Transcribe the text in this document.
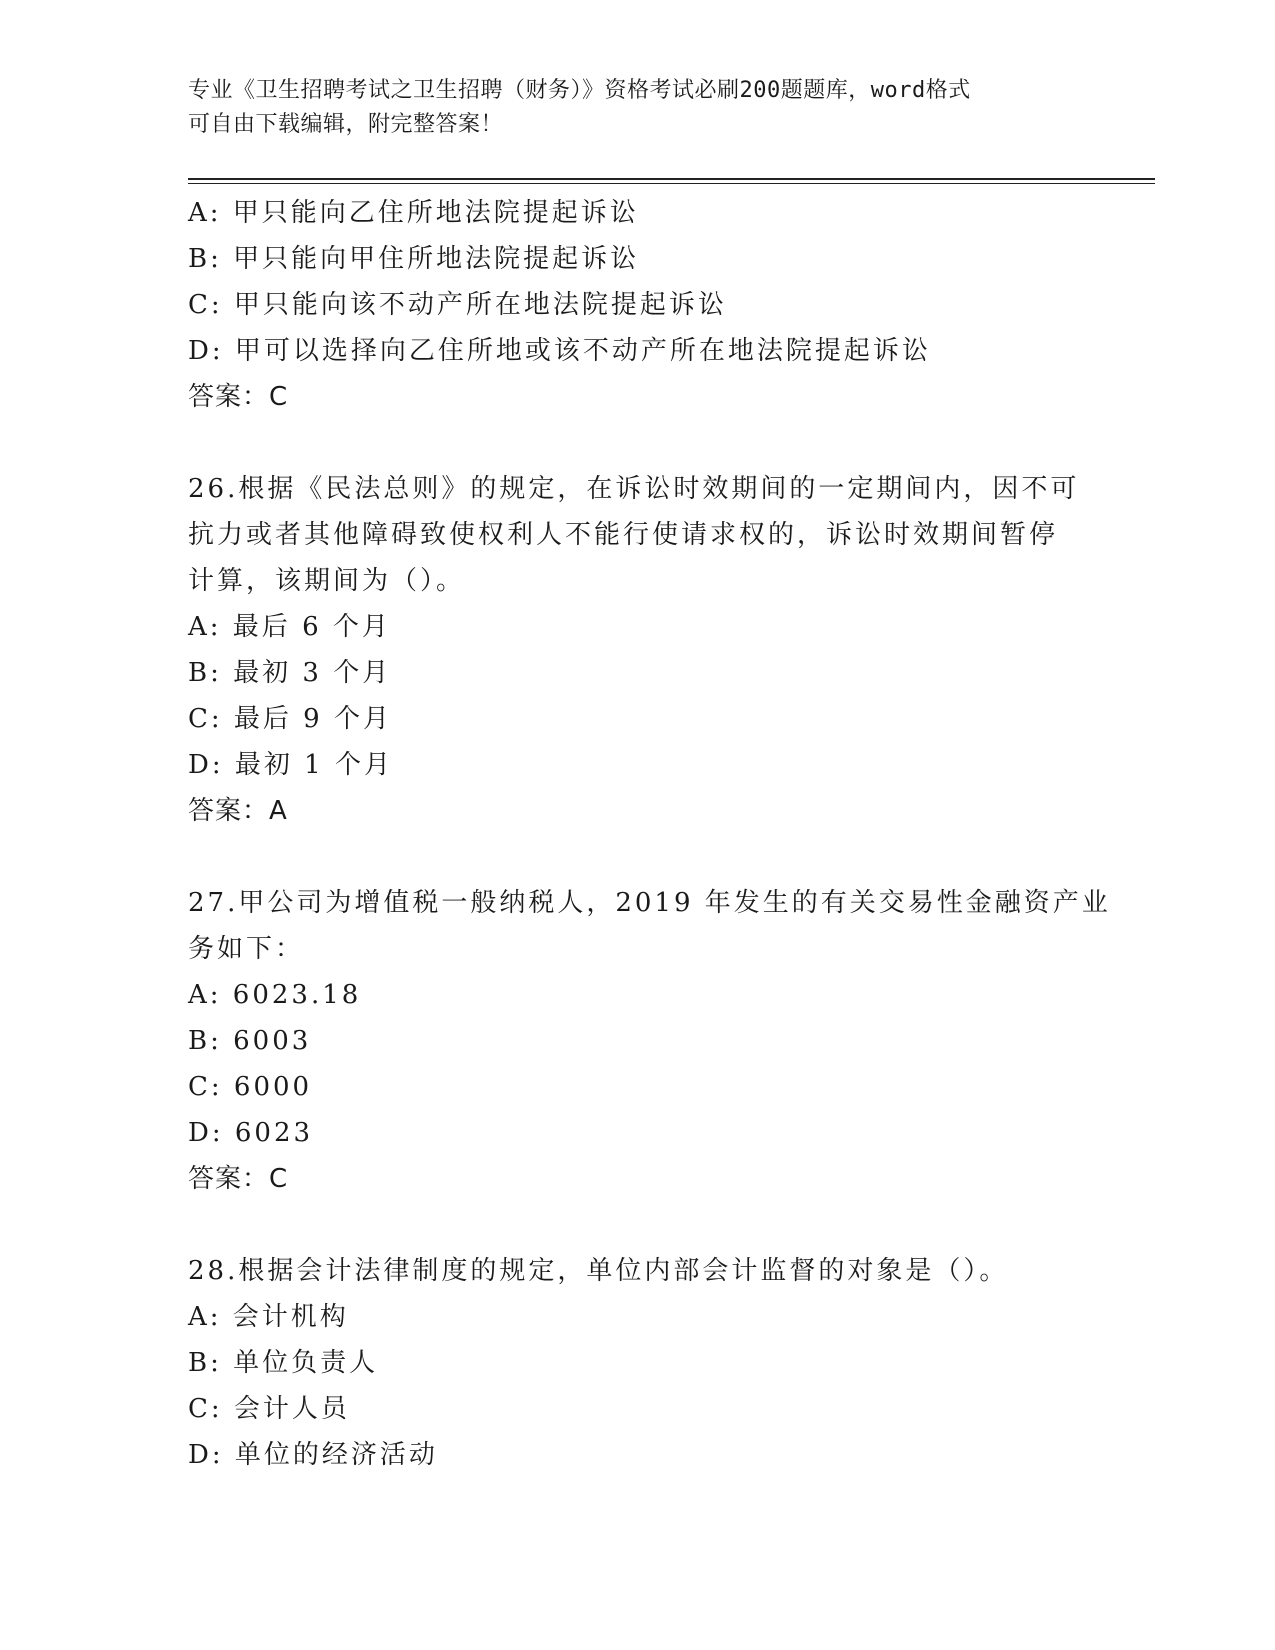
专业《卫生招聘考试之卫生招聘（财务）》资格考试必刷200题题库，word格式
可自由下载编辑，附完整答案！
A: 甲只能向乙住所地法院提起诉讼
B: 甲只能向甲住所地法院提起诉讼
C: 甲只能向该不动产所在地法院提起诉讼
D: 甲可以选择向乙住所地或该不动产所在地法院提起诉讼
答案：C
26.根据《民法总则》的规定，在诉讼时效期间的一定期间内，因不可
抗力或者其他障碍致使权利人不能行使请求权的，诉讼时效期间暂停
计算，该期间为（）。
A: 最后 6 个月
B: 最初 3 个月
C: 最后 9 个月
D: 最初 1 个月
答案：A
27.甲公司为增值税一般纳税人，2019 年发生的有关交易性金融资产业
务如下：
A: 6023.18
B: 6003
C: 6000
D: 6023
答案：C
28.根据会计法律制度的规定，单位内部会计监督的对象是（）。
A: 会计机构
B: 单位负责人
C: 会计人员
D: 单位的经济活动
